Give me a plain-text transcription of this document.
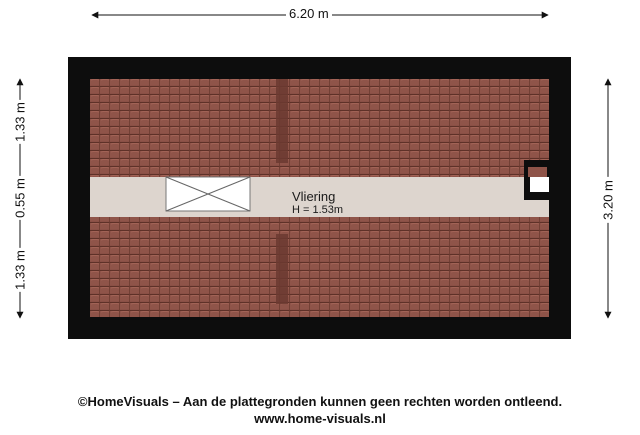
6.20 m
3.20 m
1.33 m
0.55 m
1.33 m
Vliering
H = 1.53m
©HomeVisuals – Aan de plattegronden kunnen geen rechten worden ontleend.
www.home-visuals.nl
